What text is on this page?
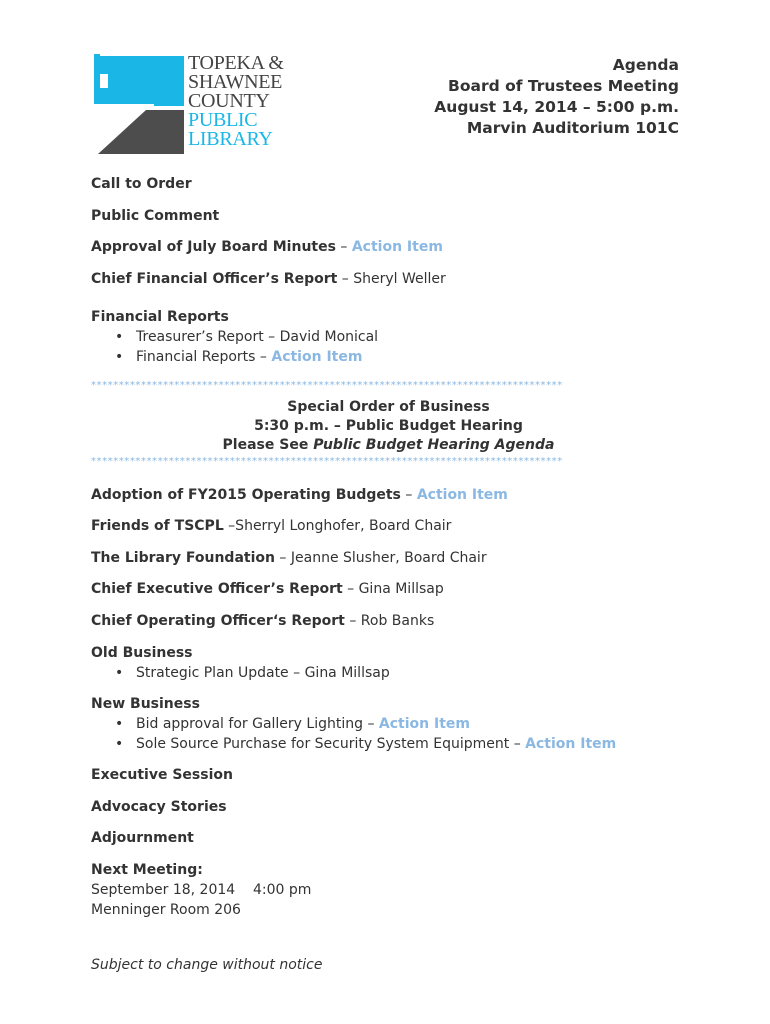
TOPEKA &
SHAWNEE
COUNTY
PUBLIC
LIBRARY
Agenda
Board of Trustees Meeting
August 14, 2014 – 5:00 p.m.
Marvin Auditorium 101C
Call to Order
Public Comment
Approval of July Board Minutes – Action Item
Chief Financial Officer’s Report – Sheryl Weller
Financial Reports
• Treasurer’s Report – David Monical
• Financial Reports – Action Item
*************************************************************************************
Special Order of Business
5:30 p.m. – Public Budget Hearing
Please See Public Budget Hearing Agenda
*************************************************************************************
Adoption of FY2015 Operating Budgets – Action Item
Friends of TSCPL –Sherryl Longhofer, Board Chair
The Library Foundation – Jeanne Slusher, Board Chair
Chief Executive Officer’s Report – Gina Millsap
Chief Operating Officer‘s Report – Rob Banks
Old Business
• Strategic Plan Update – Gina Millsap
New Business
• Bid approval for Gallery Lighting – Action Item
• Sole Source Purchase for Security System Equipment – Action Item
Executive Session
Advocacy Stories
Adjournment
Next Meeting:
September 18, 2014    4:00 pm
Menninger Room 206
Subject to change without notice
